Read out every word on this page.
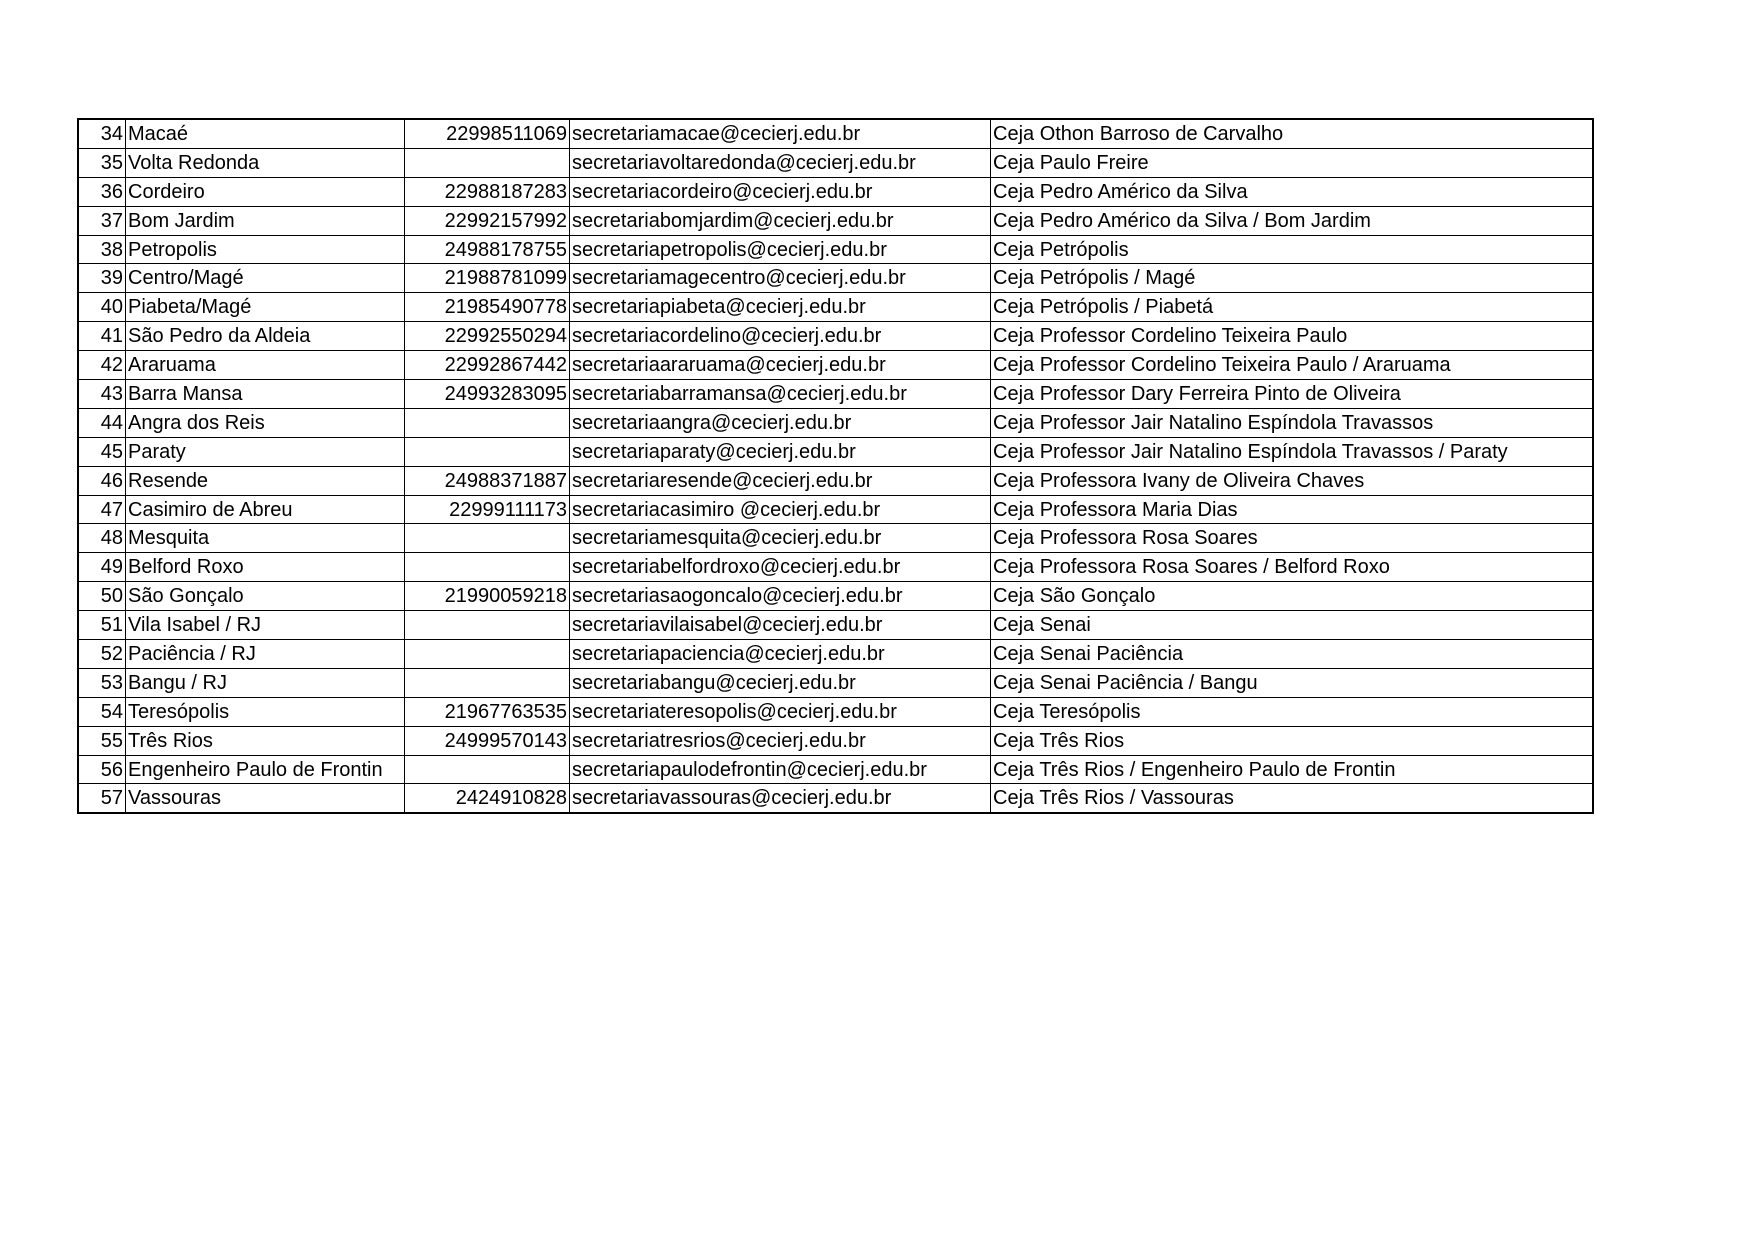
34	Macaé	22998511069	secretariamacae@cecierj.edu.br	Ceja Othon Barroso de Carvalho
35	Volta Redonda		secretariavoltaredonda@cecierj.edu.br	Ceja Paulo Freire
36	Cordeiro	22988187283	secretariacordeiro@cecierj.edu.br	Ceja Pedro Américo da Silva
37	Bom Jardim	22992157992	secretariabomjardim@cecierj.edu.br	Ceja Pedro Américo da Silva / Bom Jardim
38	Petropolis	24988178755	secretariapetropolis@cecierj.edu.br	Ceja Petrópolis
39	Centro/Magé	21988781099	secretariamagecentro@cecierj.edu.br	Ceja Petrópolis / Magé
40	Piabeta/Magé	21985490778	secretariapiabeta@cecierj.edu.br	Ceja Petrópolis / Piabetá
41	São Pedro da Aldeia	22992550294	secretariacordelino@cecierj.edu.br	Ceja Professor Cordelino Teixeira Paulo
42	Araruama	22992867442	secretariaararuama@cecierj.edu.br	Ceja Professor Cordelino Teixeira Paulo / Araruama
43	Barra Mansa	24993283095	secretariabarramansa@cecierj.edu.br	Ceja Professor Dary Ferreira Pinto de Oliveira
44	Angra dos Reis		secretariaangra@cecierj.edu.br	Ceja Professor Jair Natalino Espíndola Travassos
45	Paraty		secretariaparaty@cecierj.edu.br	Ceja Professor Jair Natalino Espíndola Travassos / Paraty
46	Resende	24988371887	secretariaresende@cecierj.edu.br	Ceja Professora Ivany de Oliveira Chaves
47	Casimiro de Abreu	22999111173	secretariacasimiro @cecierj.edu.br	Ceja Professora Maria Dias
48	Mesquita		secretariamesquita@cecierj.edu.br	Ceja Professora Rosa Soares
49	Belford Roxo		secretariabelfordroxo@cecierj.edu.br	Ceja Professora Rosa Soares / Belford Roxo
50	São Gonçalo	21990059218	secretariasaogoncalo@cecierj.edu.br	Ceja São Gonçalo
51	Vila Isabel / RJ		secretariavilaisabel@cecierj.edu.br	Ceja Senai
52	Paciência / RJ		secretariapaciencia@cecierj.edu.br	Ceja Senai Paciência
53	Bangu / RJ		secretariabangu@cecierj.edu.br	Ceja Senai Paciência / Bangu
54	Teresópolis	21967763535	secretariateresopolis@cecierj.edu.br	Ceja Teresópolis
55	Três Rios	24999570143	secretariatresrios@cecierj.edu.br	Ceja Três Rios
56	Engenheiro Paulo de Frontin		secretariapaulodefrontin@cecierj.edu.br	Ceja Três Rios / Engenheiro Paulo de Frontin
57	Vassouras	2424910828	secretariavassouras@cecierj.edu.br	Ceja Três Rios / Vassouras
